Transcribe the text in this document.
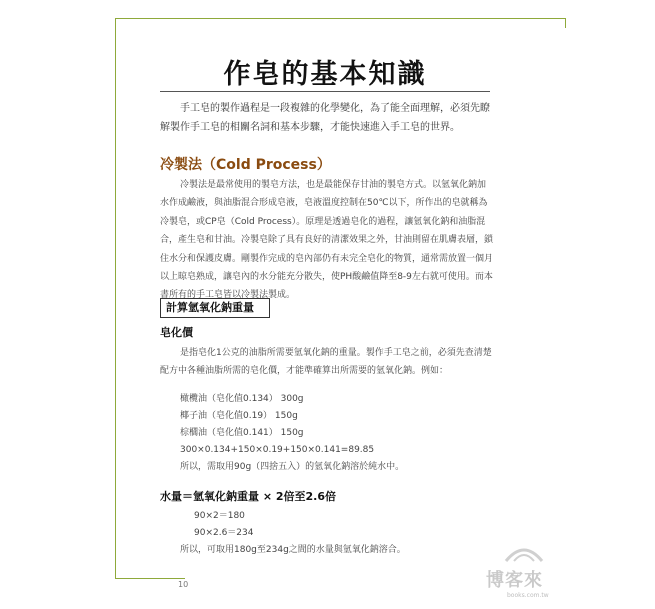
作皂的基本知識
手工皂的製作過程是一段複雜的化學變化，為了能全面理解，必須先瞭解製作手工皂的相關名詞和基本步驟，才能快速進入手工皂的世界。
冷製法（Cold Process）
冷製法是最常使用的製皂方法，也是最能保存甘油的製皂方式。以氫氧化鈉加水作成鹼液，與油脂混合形成皂液，皂液溫度控制在50℃以下，所作出的皂就稱為冷製皂，或CP皂（Cold Process）。原理是透過皂化的過程，讓氫氧化鈉和油脂混合，產生皂和甘油。冷製皂除了具有良好的清潔效果之外，甘油則留在肌膚表層，鎖住水分和保護皮膚。剛製作完成的皂內部仍有未完全皂化的物質，通常需放置一個月以上晾皂熟成，讓皂內的水分能充分散失，使PH酸鹼值降至8-9左右就可使用。而本書所有的手工皂皆以冷製法製成。
計算氫氧化鈉重量
皂化價
是指皂化1公克的油脂所需要氫氧化鈉的重量。製作手工皂之前，必須先查清楚配方中各種油脂所需的皂化價，才能準確算出所需要的氫氧化鈉。例如：
橄欖油（皂化值0.134） 300g
椰子油（皂化值0.19） 150g
棕櫚油（皂化值0.141） 150g
300×0.134+150×0.19+150×0.141=89.85
所以，需取用90g（四捨五入）的氫氧化鈉溶於純水中。
水量＝氫氧化鈉重量 × 2倍至2.6倍
90×2＝180
90×2.6＝234
所以，可取用180g至234g之間的水量與氫氧化鈉溶合。
10	博客來
books.com.tw
